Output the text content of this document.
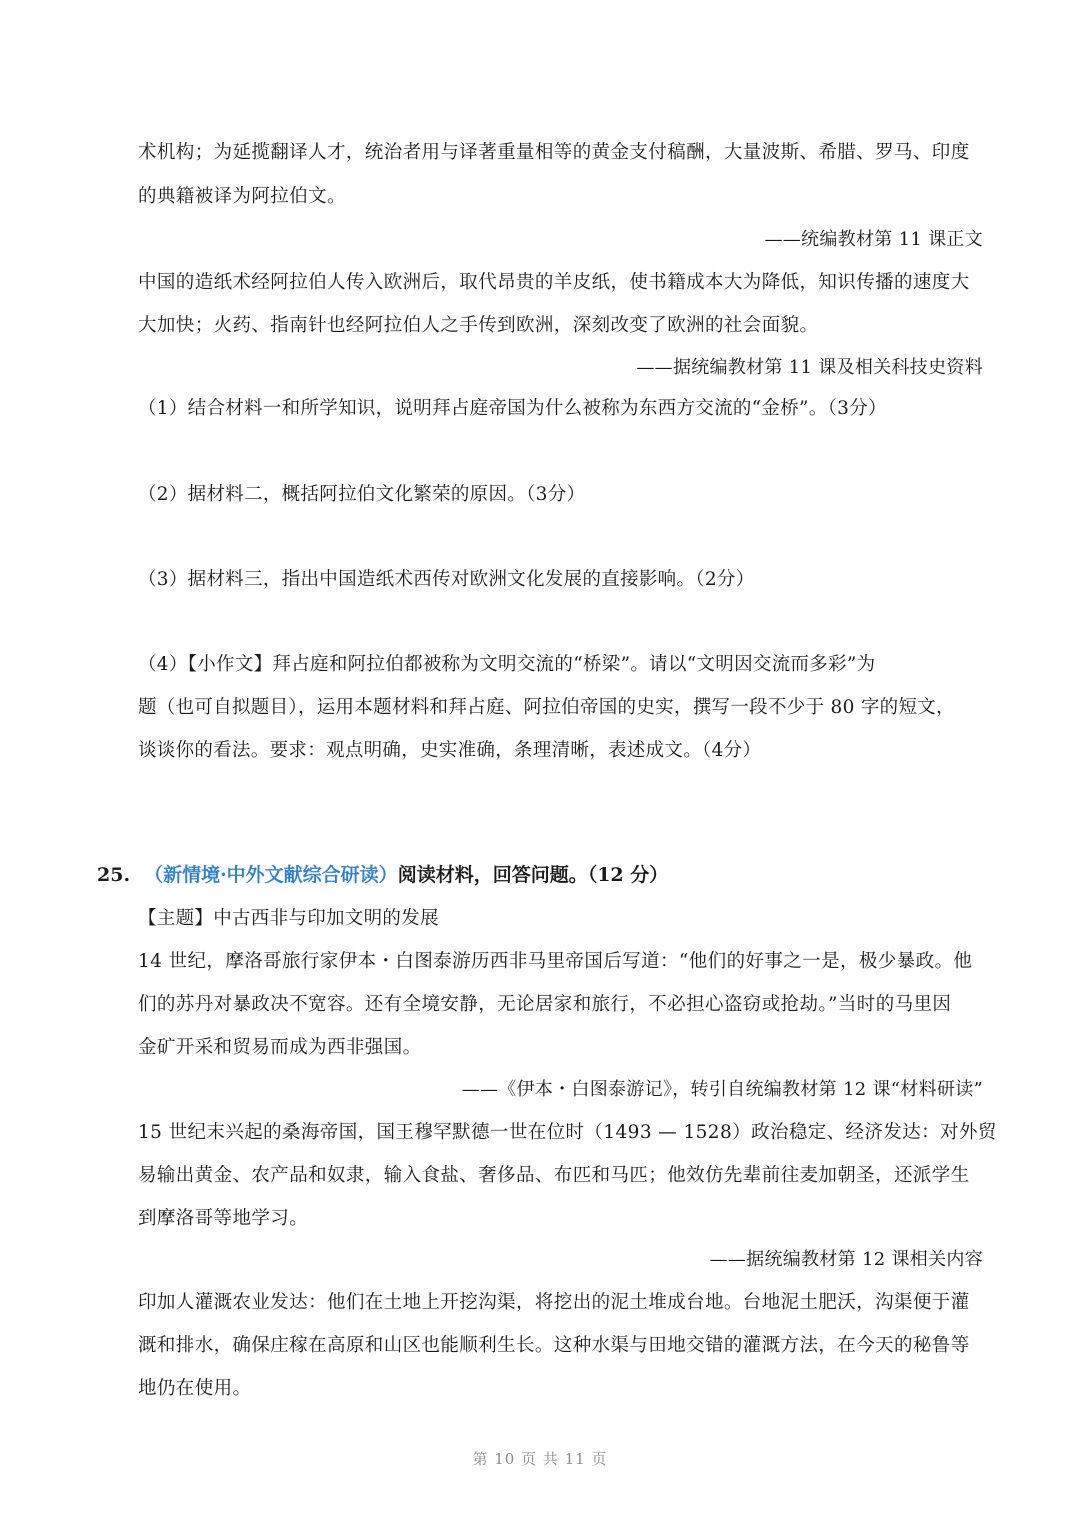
术机构；为延揽翻译人才，统治者用与译著重量相等的黄金支付稿酬，大量波斯、希腊、罗马、印度
的典籍被译为阿拉伯文。
——统编教材第 11 课正文
中国的造纸术经阿拉伯人传入欧洲后，取代昂贵的羊皮纸，使书籍成本大为降低，知识传播的速度大
大加快；火药、指南针也经阿拉伯人之手传到欧洲，深刻改变了欧洲的社会面貌。
——据统编教材第 11 课及相关科技史资料
（1）结合材料一和所学知识，说明拜占庭帝国为什么被称为东西方交流的“金桥”。（3分）
（2）据材料二，概括阿拉伯文化繁荣的原因。（3分）
（3）据材料三，指出中国造纸术西传对欧洲文化发展的直接影响。（2分）
（4）【小作文】拜占庭和阿拉伯都被称为文明交流的“桥梁”。请以“文明因交流而多彩”为
题（也可自拟题目），运用本题材料和拜占庭、阿拉伯帝国的史实，撰写一段不少于 80 字的短文，
谈谈你的看法。要求：观点明确，史实准确，条理清晰，表述成文。（4分）
25. （新情境·中外文献综合研读）阅读材料，回答问题。（12 分）
【主题】中古西非与印加文明的发展
14 世纪，摩洛哥旅行家伊本・白图泰游历西非马里帝国后写道：“他们的好事之一是，极少暴政。他
们的苏丹对暴政决不宽容。还有全境安静，无论居家和旅行，不必担心盗窃或抢劫。”当时的马里因
金矿开采和贸易而成为西非强国。
——《伊本・白图泰游记》，转引自统编教材第 12 课“材料研读”
15 世纪末兴起的桑海帝国，国王穆罕默德一世在位时（1493 — 1528）政治稳定、经济发达：对外贸
易输出黄金、农产品和奴隶，输入食盐、奢侈品、布匹和马匹；他效仿先辈前往麦加朝圣，还派学生
到摩洛哥等地学习。
——据统编教材第 12 课相关内容
印加人灌溉农业发达：他们在土地上开挖沟渠，将挖出的泥土堆成台地。台地泥土肥沃，沟渠便于灌
溉和排水，确保庄稼在高原和山区也能顺利生长。这种水渠与田地交错的灌溉方法，在今天的秘鲁等
地仍在使用。
第 10 页 共 11 页
